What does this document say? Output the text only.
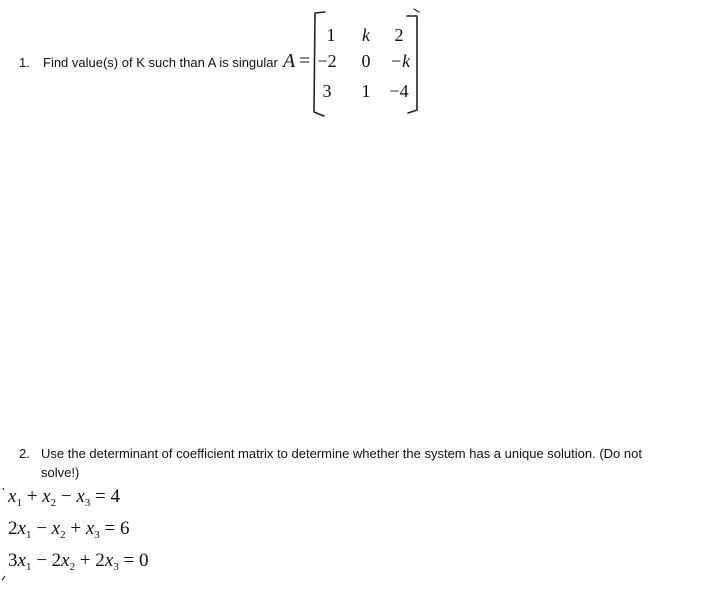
1. Find value(s) of K such than A is singular A =
1	k	2
−2	0	−k
3	1	−4
2. Use the determinant of coefficient matrix to determine whether the system has a unique solution. (Do not solve!)
$x_1 + x_2 - x_3 = 4$
$2x_1 - x_2 + x_3 = 6$
$3x_1 - 2x_2 + 2x_3 = 0$
